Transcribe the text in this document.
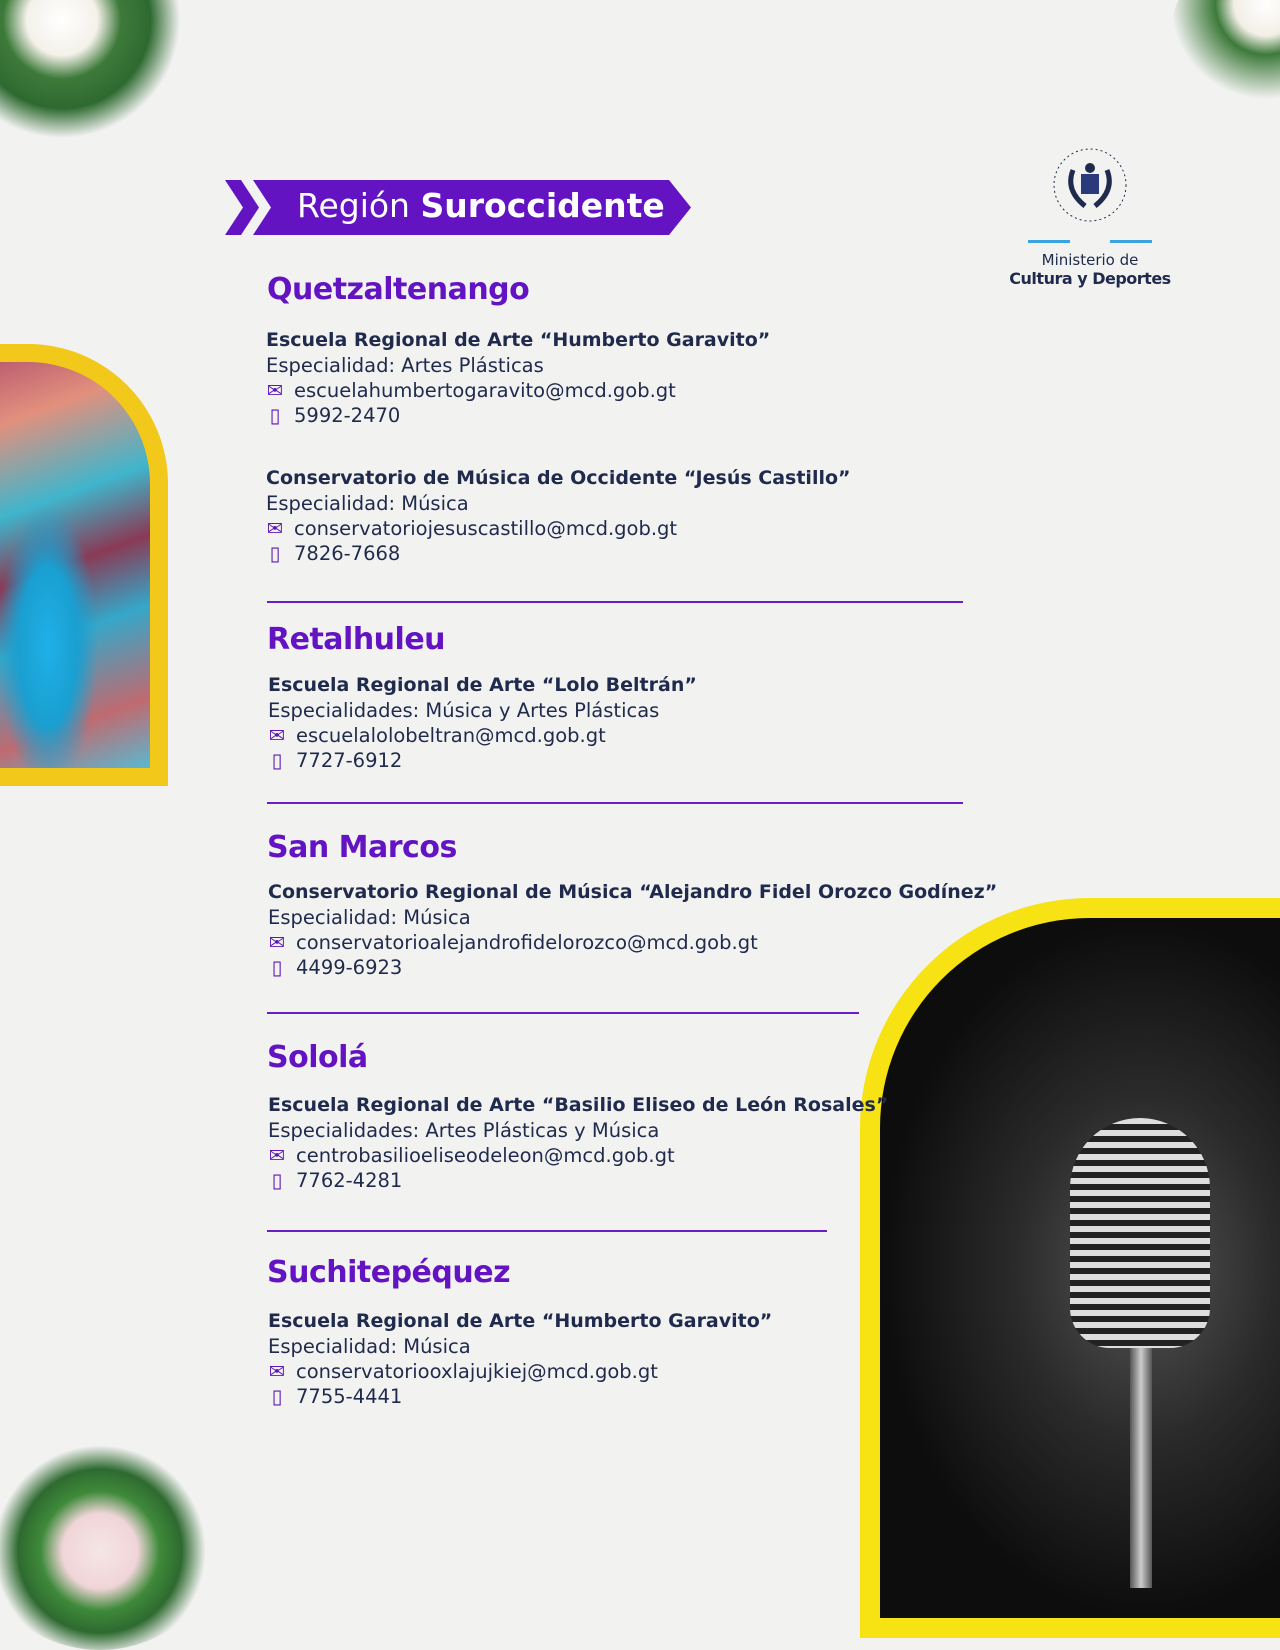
Región Suroccidente
Ministerio de
Cultura y Deportes
Quetzaltenango
Escuela Regional de Arte “Humberto Garavito”
Especialidad: Artes Plásticas
✉ escuelahumbertogaravito@mcd.gob.gt
▯ 5992-2470
Conservatorio de Música de Occidente “Jesús Castillo”
Especialidad: Música
✉ conservatoriojesuscastillo@mcd.gob.gt
▯ 7826-7668
Retalhuleu
Escuela Regional de Arte “Lolo Beltrán”
Especialidades: Música y Artes Plásticas
✉ escuelalolobeltran@mcd.gob.gt
▯ 7727-6912
San Marcos
Conservatorio Regional de Música “Alejandro Fidel Orozco Godínez”
Especialidad: Música
✉ conservatorioalejandrofidelorozco@mcd.gob.gt
▯ 4499-6923
Sololá
Escuela Regional de Arte “Basilio Eliseo de León Rosales”
Especialidades: Artes Plásticas y Música
✉ centrobasilioeliseodeleon@mcd.gob.gt
▯ 7762-4281
Suchitepéquez
Escuela Regional de Arte “Humberto Garavito”
Especialidad: Música
✉ conservatoriooxlajujkiej@mcd.gob.gt
▯ 7755-4441
